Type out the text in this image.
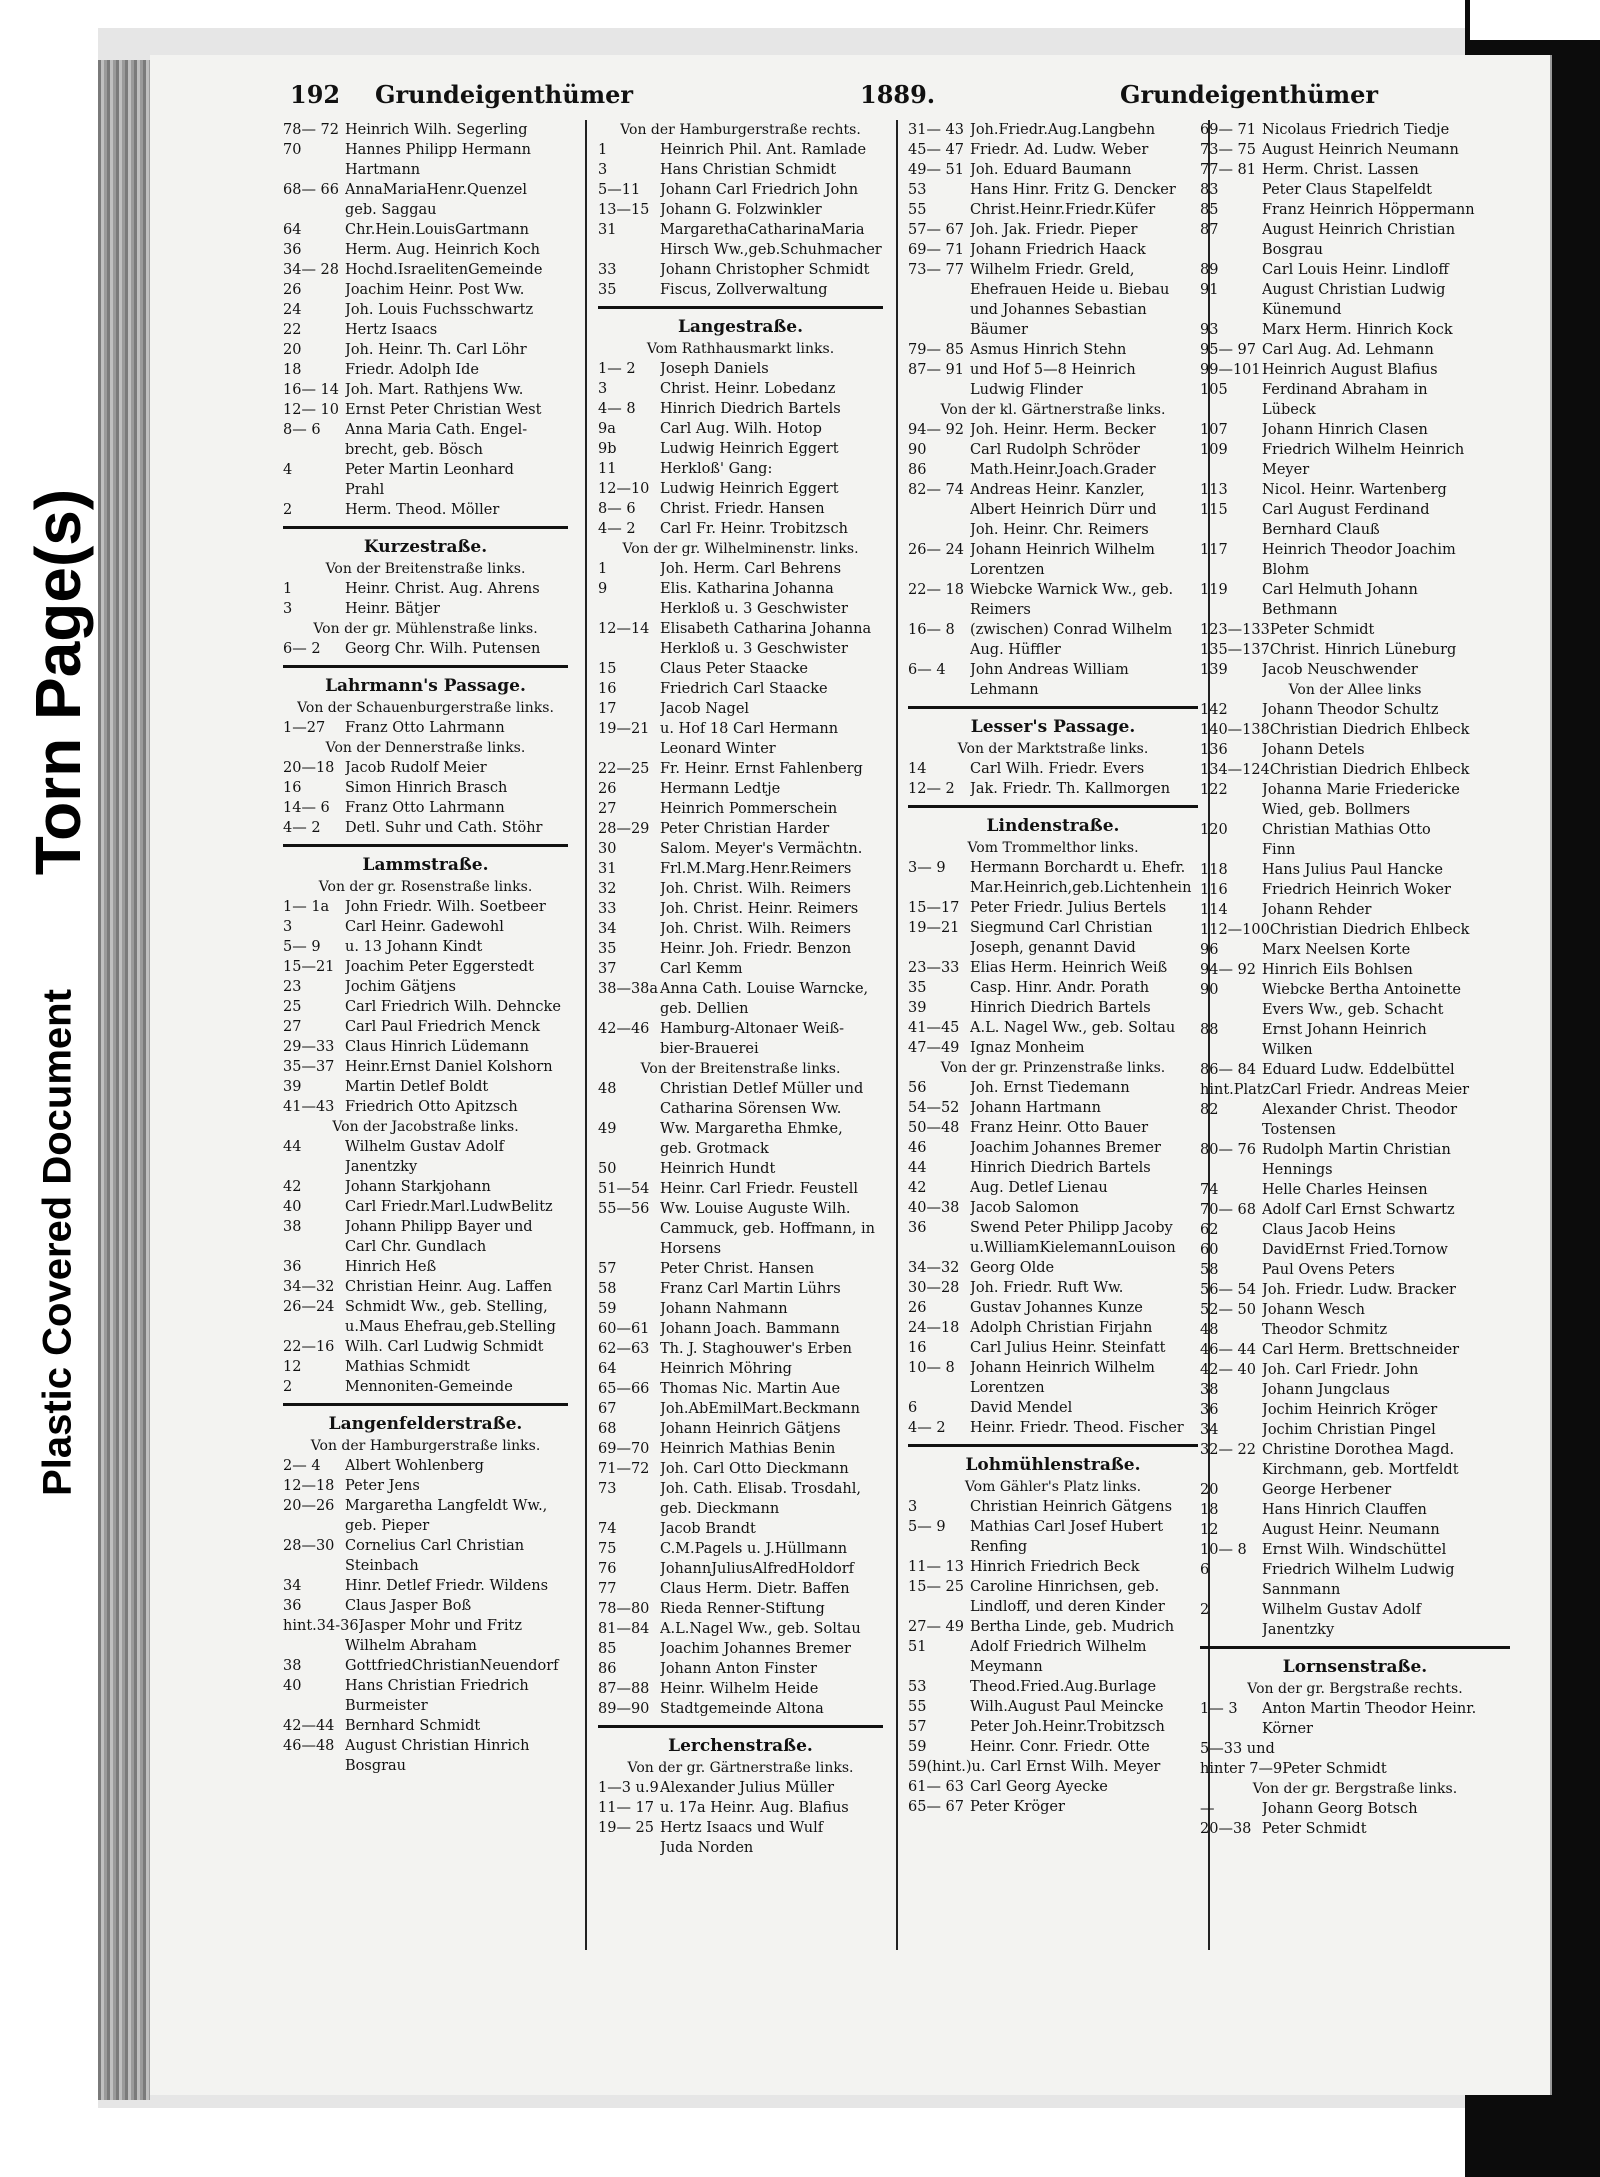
Torn Page(s)
Plastic Covered Document
192 Grundeigenthümer	1889.	Grundeigenthümer
78— 72 Heinrich Wilh. Segerling
70	Hannes Philipp Hermann
Hartmann
68— 66 AnnaMariaHenr.Quenzel
geb. Saggau
64	Chr.Hein.LouisGartmann
36	Herm. Aug. Heinrich Koch
34— 28 Hochd.IsraelitenGemeinde
26	Joachim Heinr. Post Ww.
24	Joh. Louis Fuchsschwartz
22	Hertz Isaacs
20	Joh. Heinr. Th. Carl Löhr
18	Friedr. Adolph Ide
16— 14 Joh. Mart. Rathjens Ww.
12— 10 Ernst Peter Christian West
8— 6	Anna Maria Cath. Engel-
brecht, geb. Bösch
4	Peter Martin Leonhard
Prahl
2	Herm. Theod. Möller
Kurzestraße.
Von der Breitenstraße links.
1	Heinr. Christ. Aug. Ahrens
3	Heinr. Bätjer
Von der gr. Mühlenstraße links.
6— 2	Georg Chr. Wilh. Putensen
Lahrmann's Passage.
Von der Schauenburgerstraße links.
1—27	Franz Otto Lahrmann
Von der Dennerstraße links.
20—18 Jacob Rudolf Meier
16	Simon Hinrich Brasch
14— 6	Franz Otto Lahrmann
4— 2	Detl. Suhr und Cath. Stöhr
Lammstraße.
Von der gr. Rosenstraße links.
1— 1a	John Friedr. Wilh. Soetbeer
3	Carl Heinr. Gadewohl
5— 9	u. 13 Johann Kindt
15—21 Joachim Peter Eggerstedt
23	Jochim Gätjens
25	Carl Friedrich Wilh. Dehncke
27	Carl Paul Friedrich Menck
29—33 Claus Hinrich Lüdemann
35—37 Heinr.Ernst Daniel Kolshorn
39	Martin Detlef Boldt
41—43 Friedrich Otto Apitzsch
Von der Jacobstraße links.
44	Wilhelm Gustav Adolf
Janentzky
42	Johann Starkjohann
40	Carl Friedr.Marl.LudwBelitz
38	Johann Philipp Bayer und
Carl Chr. Gundlach
36	Hinrich Heß
34—32 Christian Heinr. Aug. Laffen
26—24 Schmidt Ww., geb. Stelling,
u.Maus Ehefrau,geb.Stelling
22—16 Wilh. Carl Ludwig Schmidt
12	Mathias Schmidt
2	Mennoniten-Gemeinde
Langenfelderstraße.
Von der Hamburgerstraße links.
2— 4	Albert Wohlenberg
12—18 Peter Jens
20—26 Margaretha Langfeldt Ww.,
geb. Pieper
28—30 Cornelius Carl Christian
Steinbach
34	Hinr. Detlef Friedr. Wildens
36	Claus Jasper Boß
hint.34-36 Jasper Mohr und Fritz
Wilhelm Abraham
38	GottfriedChristianNeuendorf
40	Hans Christian Friedrich
Burmeister
42—44 Bernhard Schmidt
46—48 August Christian Hinrich
Bosgrau
Von der Hamburgerstraße rechts.
1	Heinrich Phil. Ant. Ramlade
3	Hans Christian Schmidt
5—11	Johann Carl Friedrich John
13—15 Johann G. Folzwinkler
31	MargarethaCatharinaMaria
Hirsch Ww.,geb.Schuhmacher
33	Johann Christopher Schmidt
35	Fiscus, Zollverwaltung
Langestraße.
Vom Rathhausmarkt links.
1— 2	Joseph Daniels
3	Christ. Heinr. Lobedanz
4— 8	Hinrich Diedrich Bartels
9a	Carl Aug. Wilh. Hotop
9b	Ludwig Heinrich Eggert
11	Herkloß' Gang:
12—10 Ludwig Heinrich Eggert
8— 6	Christ. Friedr. Hansen
4— 2	Carl Fr. Heinr. Trobitzsch
Von der gr. Wilhelminenstr. links.
1	Joh. Herm. Carl Behrens
9	Elis. Katharina Johanna
Herkloß u. 3 Geschwister
12—14 Elisabeth Catharina Johanna
Herkloß u. 3 Geschwister
15	Claus Peter Staacke
16	Friedrich Carl Staacke
17	Jacob Nagel
19—21 u. Hof 18 Carl Hermann
Leonard Winter
22—25 Fr. Heinr. Ernst Fahlenberg
26	Hermann Ledtje
27	Heinrich Pommerschein
28—29 Peter Christian Harder
30	Salom. Meyer's Vermächtn.
31	Frl.M.Marg.Henr.Reimers
32	Joh. Christ. Wilh. Reimers
33	Joh. Christ. Heinr. Reimers
34	Joh. Christ. Wilh. Reimers
35	Heinr. Joh. Friedr. Benzon
37	Carl Kemm
38—38a Anna Cath. Louise Warncke,
geb. Dellien
42—46 Hamburg-Altonaer Weiß-
bier-Brauerei
Von der Breitenstraße links.
48	Christian Detlef Müller und
Catharina Sörensen Ww.
49	Ww. Margaretha Ehmke,
geb. Grotmack
50	Heinrich Hundt
51—54 Heinr. Carl Friedr. Feustell
55—56 Ww. Louise Auguste Wilh.
Cammuck, geb. Hoffmann, in
Horsens
57	Peter Christ. Hansen
58	Franz Carl Martin Lührs
59	Johann Nahmann
60—61 Johann Joach. Bammann
62—63 Th. J. Staghouwer's Erben
64	Heinrich Möhring
65—66 Thomas Nic. Martin Aue
67	Joh.AbEmilMart.Beckmann
68	Johann Heinrich Gätjens
69—70 Heinrich Mathias Benin
71—72 Joh. Carl Otto Dieckmann
73	Joh. Cath. Elisab. Trosdahl,
geb. Dieckmann
74	Jacob Brandt
75	C.M.Pagels u. J.Hüllmann
76	JohannJuliusAlfredHoldorf
77	Claus Herm. Dietr. Baffen
78—80 Rieda Renner-Stiftung
81—84 A.L.Nagel Ww., geb. Soltau
85	Joachim Johannes Bremer
86	Johann Anton Finster
87—88 Heinr. Wilhelm Heide
89—90 Stadtgemeinde Altona
Lerchenstraße.
Von der gr. Gärtnerstraße links.
1—3 u.9 Alexander Julius Müller
11— 17 u. 17a Heinr. Aug. Blafius
19— 25 Hertz Isaacs und Wulf
Juda Norden
31— 43 Joh.Friedr.Aug.Langbehn
45— 47 Friedr. Ad. Ludw. Weber
49— 51 Joh. Eduard Baumann
53	Hans Hinr. Fritz G. Dencker
55	Christ.Heinr.Friedr.Küfer
57— 67 Joh. Jak. Friedr. Pieper
69— 71 Johann Friedrich Haack
73— 77 Wilhelm Friedr. Greld,
Ehefrauen Heide u. Biebau
und Johannes Sebastian
Bäumer
79— 85 Asmus Hinrich Stehn
87— 91 und Hof 5—8 Heinrich
Ludwig Flinder
Von der kl. Gärtnerstraße links.
94— 92 Joh. Heinr. Herm. Becker
90	Carl Rudolph Schröder
86	Math.Heinr.Joach.Grader
82— 74 Andreas Heinr. Kanzler,
Albert Heinrich Dürr und
Joh. Heinr. Chr. Reimers
26— 24 Johann Heinrich Wilhelm
Lorentzen
22— 18 Wiebcke Warnick Ww., geb.
Reimers
16— 8	(zwischen) Conrad Wilhelm
Aug. Hüffler
6— 4	John Andreas William
Lehmann
Lesser's Passage.
Von der Marktstraße links.
14	Carl Wilh. Friedr. Evers
12— 2	Jak. Friedr. Th. Kallmorgen
Lindenstraße.
Vom Trommelthor links.
3— 9	Hermann Borchardt u. Ehefr.
Mar.Heinrich,geb.Lichtenhein
15—17 Peter Friedr. Julius Bertels
19—21 Siegmund Carl Christian
Joseph, genannt David
23—33 Elias Herm. Heinrich Weiß
35	Casp. Hinr. Andr. Porath
39	Hinrich Diedrich Bartels
41—45 A.L. Nagel Ww., geb. Soltau
47—49 Ignaz Monheim
Von der gr. Prinzenstraße links.
56	Joh. Ernst Tiedemann
54—52 Johann Hartmann
50—48 Franz Heinr. Otto Bauer
46	Joachim Johannes Bremer
44	Hinrich Diedrich Bartels
42	Aug. Detlef Lienau
40—38 Jacob Salomon
36	Swend Peter Philipp Jacoby
u.WilliamKielemannLouison
34—32 Georg Olde
30—28 Joh. Friedr. Ruft Ww.
26	Gustav Johannes Kunze
24—18 Adolph Christian Firjahn
16	Carl Julius Heinr. Steinfatt
10— 8	Johann Heinrich Wilhelm
Lorentzen
6	David Mendel
4— 2	Heinr. Friedr. Theod. Fischer
Lohmühlenstraße.
Vom Gähler's Platz links.
3	Christian Heinrich Gätgens
5— 9	Mathias Carl Josef Hubert
Renfing
11— 13 Hinrich Friedrich Beck
15— 25 Caroline Hinrichsen, geb.
Lindloff, und deren Kinder
27— 49 Bertha Linde, geb. Mudrich
51	Adolf Friedrich Wilhelm
Meymann
53	Theod.Fried.Aug.Burlage
55	Wilh.August Paul Meincke
57	Peter Joh.Heinr.Trobitzsch
59	Heinr. Conr. Friedr. Otte
59(hint.) u. Carl Ernst Wilh. Meyer
61— 63 Carl Georg Ayecke
65— 67 Peter Kröger
69— 71 Nicolaus Friedrich Tiedje
73— 75 August Heinrich Neumann
77— 81 Herm. Christ. Lassen
83	Peter Claus Stapelfeldt
85	Franz Heinrich Höppermann
87	August Heinrich Christian
Bosgrau
89	Carl Louis Heinr. Lindloff
91	August Christian Ludwig
Künemund
93	Marx Herm. Hinrich Kock
95— 97 Carl Aug. Ad. Lehmann
99—101 Heinrich August Blafius
105	Ferdinand Abraham in
Lübeck
107	Johann Hinrich Clasen
109	Friedrich Wilhelm Heinrich
Meyer
113	Nicol. Heinr. Wartenberg
115	Carl August Ferdinand
Bernhard Clauß
117	Heinrich Theodor Joachim
Blohm
119	Carl Helmuth Johann
Bethmann
123—133 Peter Schmidt
135—137 Christ. Hinrich Lüneburg
139	Jacob Neuschwender
Von der Allee links
142	Johann Theodor Schultz
140—138 Christian Diedrich Ehlbeck
136	Johann Detels
134—124 Christian Diedrich Ehlbeck
122	Johanna Marie Friedericke
Wied, geb. Bollmers
120	Christian Mathias Otto
Finn
118	Hans Julius Paul Hancke
116	Friedrich Heinrich Woker
114	Johann Rehder
112—100 Christian Diedrich Ehlbeck
96	Marx Neelsen Korte
94— 92 Hinrich Eils Bohlsen
90	Wiebcke Bertha Antoinette
Evers Ww., geb. Schacht
88	Ernst Johann Heinrich
Wilken
86— 84 Eduard Ludw. Eddelbüttel
hint.Platz Carl Friedr. Andreas Meier
82	Alexander Christ. Theodor
Tostensen
80— 76 Rudolph Martin Christian
Hennings
74	Helle Charles Heinsen
70— 68 Adolf Carl Ernst Schwartz
62	Claus Jacob Heins
60	DavidErnst Fried.Tornow
58	Paul Ovens Peters
56— 54 Joh. Friedr. Ludw. Bracker
52— 50 Johann Wesch
48	Theodor Schmitz
46— 44 Carl Herm. Brettschneider
42— 40 Joh. Carl Friedr. John
38	Johann Jungclaus
36	Jochim Heinrich Kröger
34	Jochim Christian Pingel
32— 22 Christine Dorothea Magd.
Kirchmann, geb. Mortfeldt
20	George Herbener
18	Hans Hinrich Clauffen
12	August Heinr. Neumann
10— 8	Ernst Wilh. Windschüttel
6	Friedrich Wilhelm Ludwig
Sannmann
2	Wilhelm Gustav Adolf
Janentzky
Lornsenstraße.
Von der gr. Bergstraße rechts.
1— 3	Anton Martin Theodor Heinr.
Körner
5—33 und
hinter 7—9 Peter Schmidt
Von der gr. Bergstraße links.
—	Johann Georg Botsch
20—38 Peter Schmidt
